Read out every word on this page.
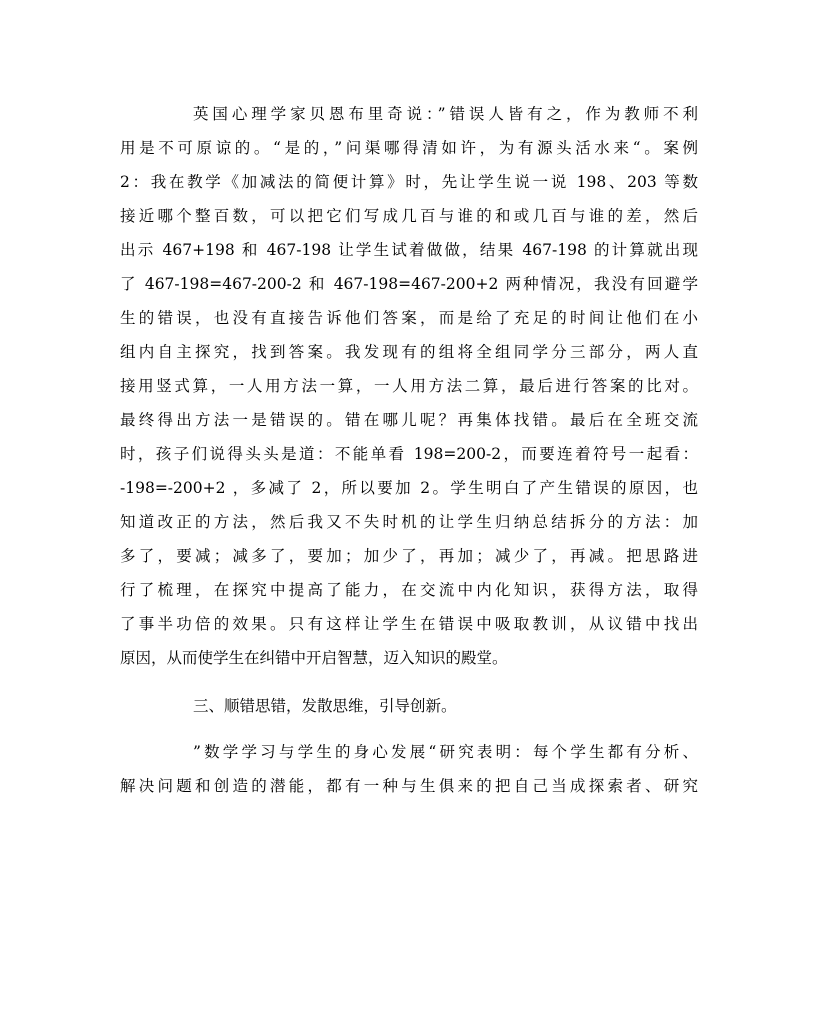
英国心理学家贝恩布里奇说：”错误人皆有之，作为教师不利
用是不可原谅的。“是的，”问渠哪得清如许，为有源头活水来“。案例
2：我在教学《加减法的简便计算》时，先让学生说一说 198、203 等数
接近哪个整百数，可以把它们写成几百与谁的和或几百与谁的差，然后
出示 467+198 和 467-198 让学生试着做做，结果 467-198 的计算就出现
了 467-198=467-200-2 和 467-198=467-200+2 两种情况，我没有回避学
生的错误，也没有直接告诉他们答案，而是给了充足的时间让他们在小
组内自主探究，找到答案。我发现有的组将全组同学分三部分，两人直
接用竖式算，一人用方法一算，一人用方法二算，最后进行答案的比对。
最终得出方法一是错误的。错在哪儿呢？再集体找错。最后在全班交流
时，孩子们说得头头是道：不能单看 198=200-2，而要连着符号一起看：
-198=-200+2 ，多减了 2，所以要加 2。学生明白了产生错误的原因，也
知道改正的方法，然后我又不失时机的让学生归纳总结拆分的方法：加
多了，要减；减多了，要加；加少了，再加；减少了，再减。把思路进
行了梳理，在探究中提高了能力，在交流中内化知识，获得方法，取得
了事半功倍的效果。只有这样让学生在错误中吸取教训，从议错中找出
原因，从而使学生在纠错中开启智慧，迈入知识的殿堂。
三、顺错思错，发散思维，引导创新。
”数学学习与学生的身心发展“研究表明：每个学生都有分析、
解决问题和创造的潜能，都有一种与生俱来的把自己当成探索者、研究
